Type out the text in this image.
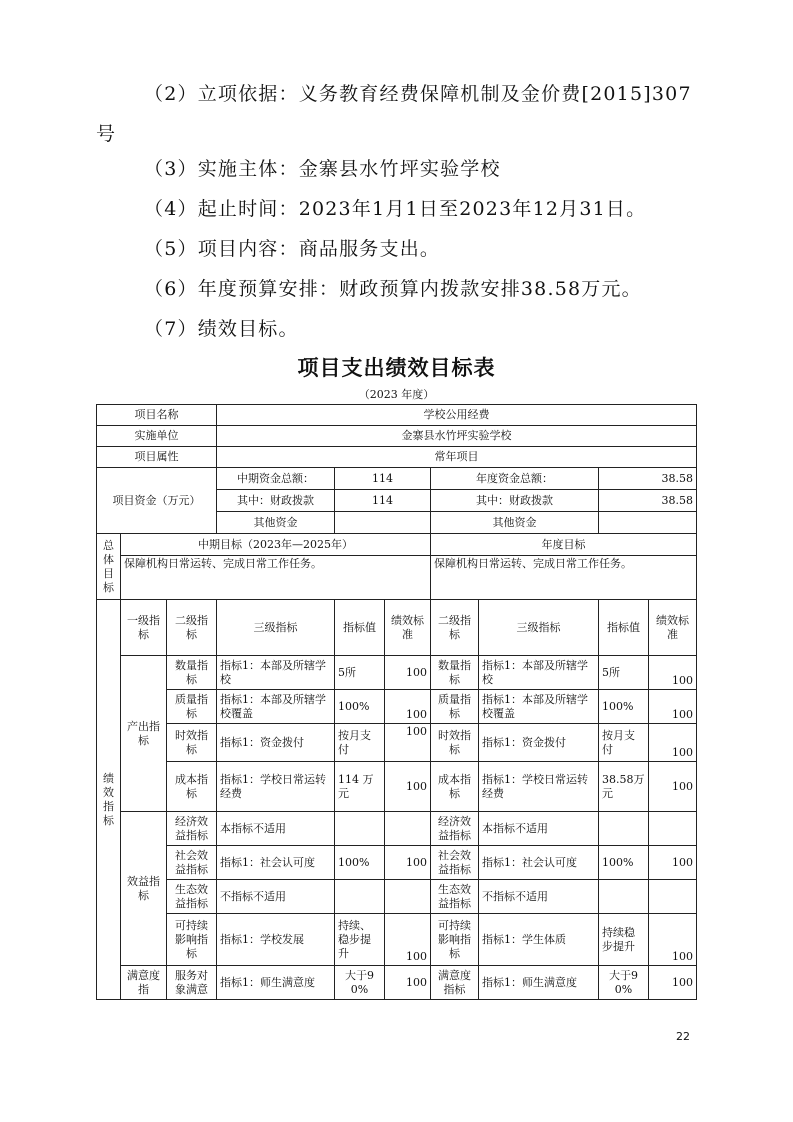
（2）立项依据：义务教育经费保障机制及金价费[2015]307号
（3）实施主体：金寨县水竹坪实验学校
（4）起止时间：2023年1月1日至2023年12月31日。
（5）项目内容：商品服务支出。
（6）年度预算安排：财政预算内拨款安排38.58万元。
（7）绩效目标。
项目支出绩效目标表
（2023 年度）
项目名称			学校公用经费						
实施单位			金寨县水竹坪实验学校						
项目属性			常年项目						
项目资金（万元）			中期资金总额：	114		年度资金总额：		38.58	
			其中：财政拨款	114		其中：财政拨款		38.58	
			其他资金			其他资金			
总体目标	中期目标（2023年—2025年）					年度目标			
	保障机构日常运转、完成日常工作任务。					保障机构日常运转、完成日常工作任务。			
绩效指标	一级指标	二级指标	三级指标	指标值	绩效标准	二级指标	三级指标	指标值	绩效标准
	产出指标	数量指标	指标1：本部及所辖学校	5所	100	数量指标	指标1：本部及所辖学校	5所	100
		质量指标	指标1：本部及所辖学校覆盖	100%	100	质量指标	指标1：本部及所辖学校覆盖	100%	100
		时效指标	指标1：资金拨付	按月支付	100	时效指标	指标1：资金拨付	按月支付	100
		成本指标	指标1：学校日常运转经费	114 万元	100	成本指标	指标1：学校日常运转经费	38.58万元	100
	效益指标	经济效益指标	本指标不适用			经济效益指标	本指标不适用		
		社会效益指标	指标1：社会认可度	100%	100	社会效益指标	指标1：社会认可度	100%	100
		生态效益指标	不指标不适用			生态效益指标	不指标不适用		
		可持续影响指标	指标1：学校发展	持续、稳步提升	100	可持续影响指标	指标1：学生体质	持续稳步提升	100
	满意度指	服务对象满意	指标1：师生满意度	大于90%	100	满意度指标	指标1：师生满意度	大于90%	100
22
